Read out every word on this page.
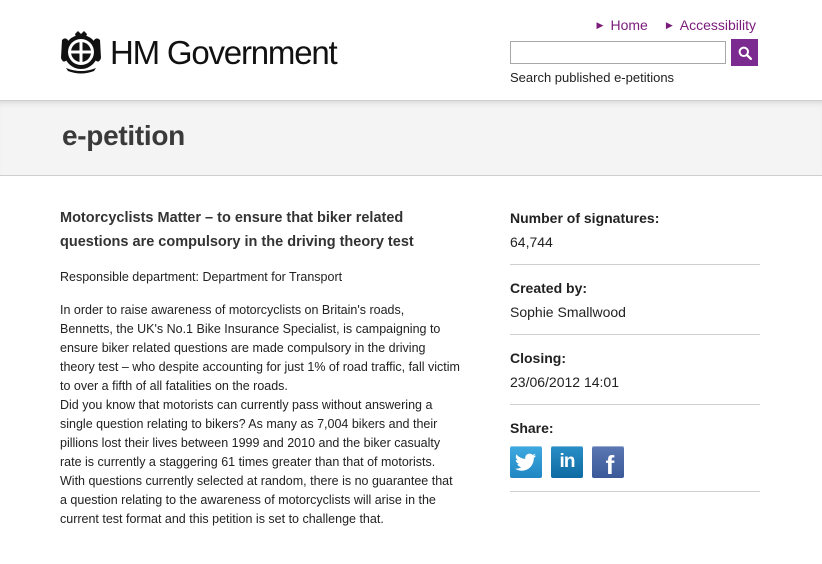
HM Government
▶ Home ▶ Accessibility
Search published e-petitions
e-petition
Motorcyclists Matter – to ensure that biker related questions are compulsory in the driving theory test
Responsible department: Department for Transport

In order to raise awareness of motorcyclists on Britain's roads, Bennetts, the UK's No.1 Bike Insurance Specialist, is campaigning to ensure biker related questions are made compulsory in the driving theory test – who despite accounting for just 1% of road traffic, fall victim to over a fifth of all fatalities on the roads.

Did you know that motorists can currently pass without answering a single question relating to bikers? As many as 7,004 bikers and their pillions lost their lives between 1999 and 2010 and the biker casualty rate is currently a staggering 61 times greater than that of motorists. With questions currently selected at random, there is no guarantee that a question relating to the awareness of motorcyclists will arise in the current test format and this petition is set to challenge that.

Number of signatures:
64,744
Created by:
Sophie Smallwood
Closing:
23/06/2012 14:01
Share:
in f
